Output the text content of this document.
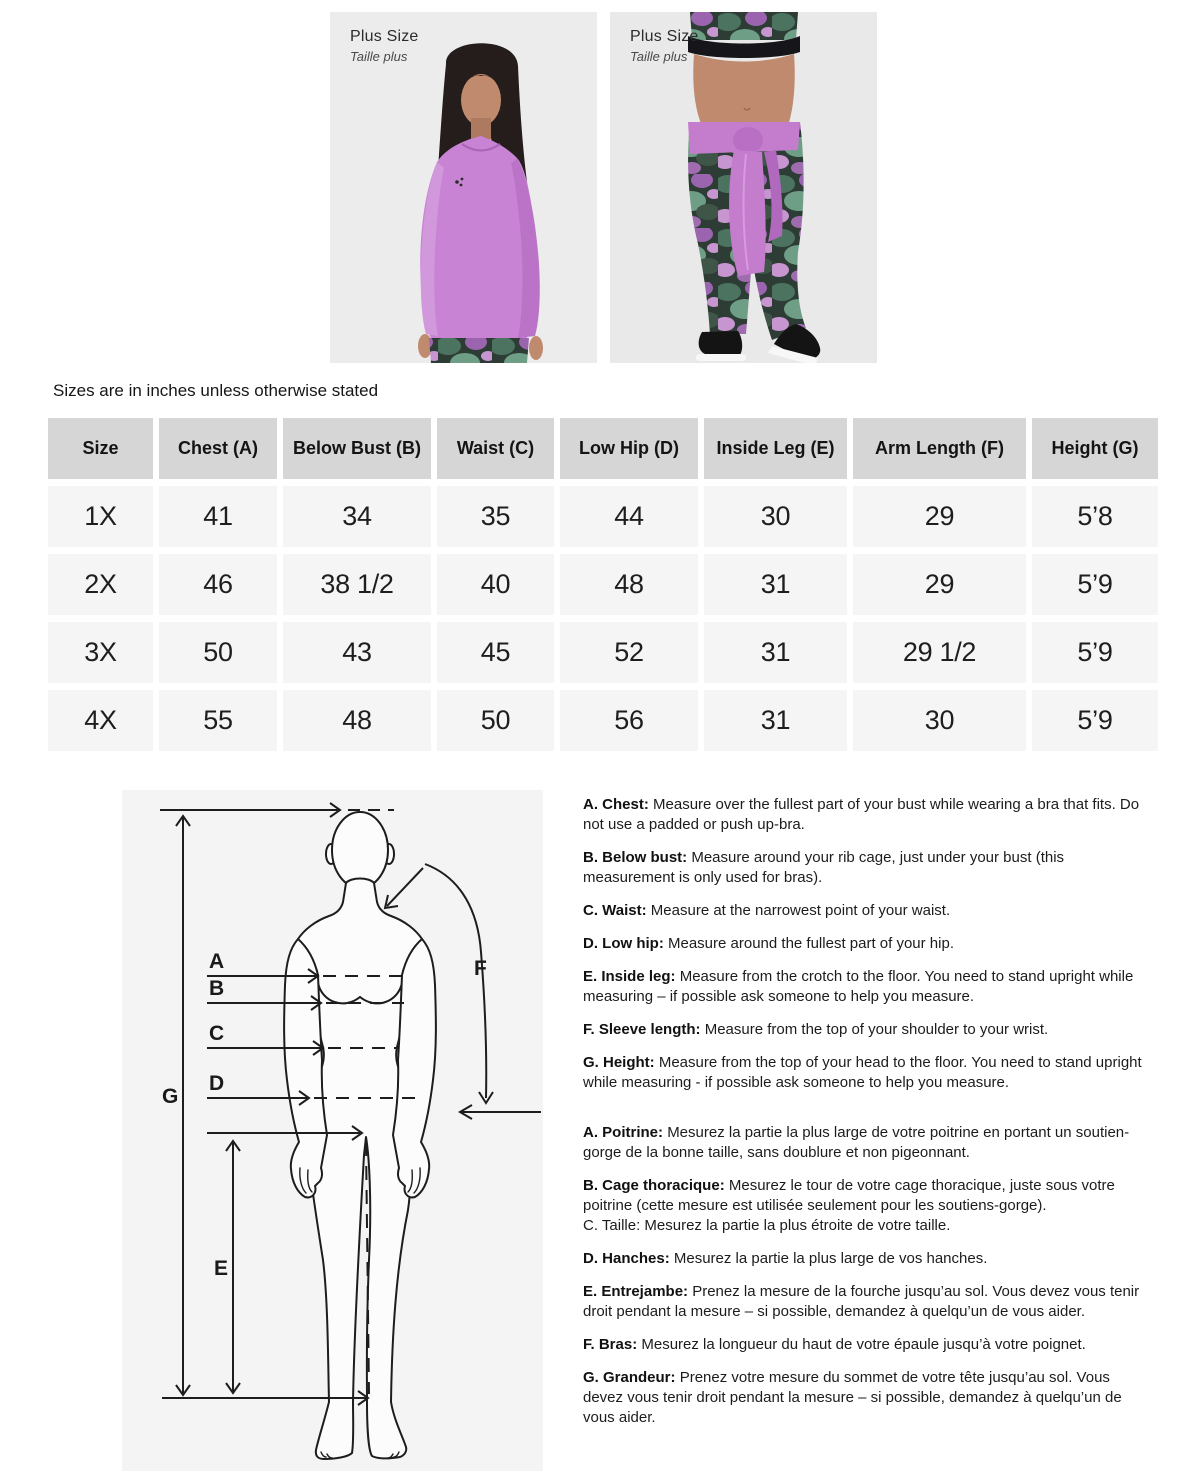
Plus Size
Taille plus
Plus Size
Taille plus
Sizes are in inches unless otherwise stated
Size	Chest (A)	Below Bust (B)	Waist (C)	Low Hip (D)	Inside Leg (E)	Arm Length (F)	Height (G)
1X	41	34	35	44	30	29	5’8
2X	46	38 1/2	40	48	31	29	5’9
3X	50	43	45	52	31	29 1/2	5’9
4X	55	48	50	56	31	30	5’9
A
B
C
D
E
F
G
A. Chest: Measure over the fullest part of your bust while wearing a bra that fits. Do not use a padded or push up-bra.
B. Below bust: Measure around your rib cage, just under your bust (this measurement is only used for bras).
C. Waist: Measure at the narrowest point of your waist.
D. Low hip: Measure around the fullest part of your hip.
E. Inside leg: Measure from the crotch to the floor. You need to stand upright while measuring – if possible ask someone to help you measure.
F. Sleeve length: Measure from the top of your shoulder to your wrist.
G. Height: Measure from the top of your head to the floor. You need to stand upright while measuring - if possible ask someone to help you measure.
A. Poitrine: Mesurez la partie la plus large de votre poitrine en portant un soutien-gorge de la bonne taille, sans doublure et non pigeonnant.
B. Cage thoracique: Mesurez le tour de votre cage thoracique, juste sous votre poitrine (cette mesure est utilisée seulement pour les soutiens-gorge).
C. Taille: Mesurez la partie la plus étroite de votre taille.
D. Hanches: Mesurez la partie la plus large de vos hanches.
E. Entrejambe: Prenez la mesure de la fourche jusqu’au sol. Vous devez vous tenir droit pendant la mesure – si possible, demandez à quelqu’un de vous aider.
F. Bras: Mesurez la longueur du haut de votre épaule jusqu’à votre poignet.
G. Grandeur: Prenez votre mesure du sommet de votre tête jusqu’au sol. Vous devez vous tenir droit pendant la mesure – si possible, demandez à quelqu’un de vous aider.
